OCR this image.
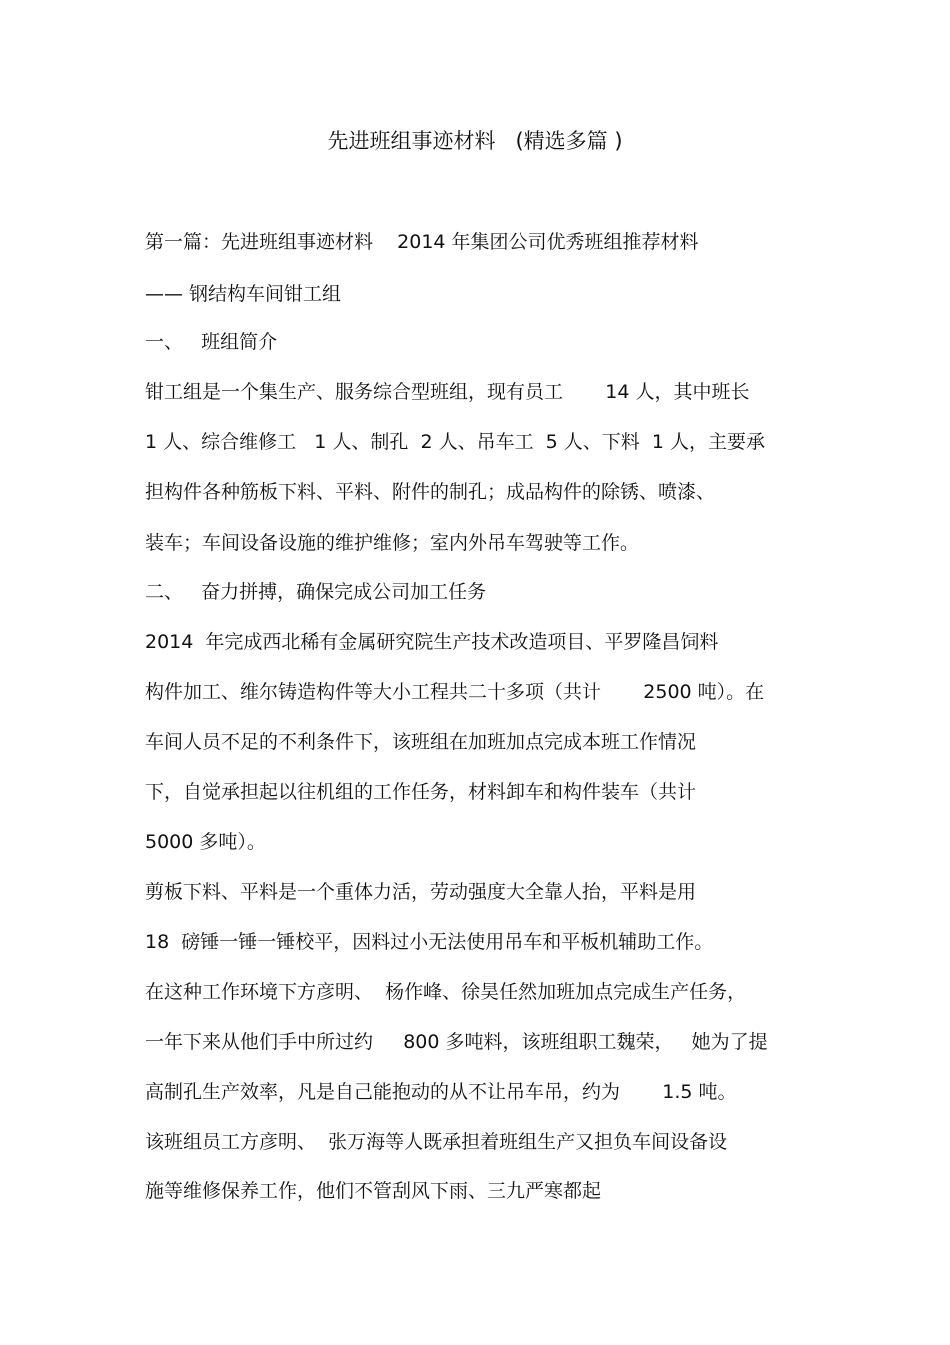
先进班组事迹材料   (精选多篇 )
第一篇：先进班组事迹材料    2014 年集团公司优秀班组推荐材料
—— 钢结构车间钳工组
一、   班组简介
钳工组是一个集生产、服务综合型班组，现有员工       14 人，其中班长
1 人、综合维修工   1 人、制孔  2 人、吊车工  5 人、下料  1 人，主要承
担构件各种筋板下料、平料、附件的制孔；成品构件的除锈、喷漆、
装车；车间设备设施的维护维修；室内外吊车驾驶等工作。
二、   奋力拼搏，确保完成公司加工任务
2014  年完成西北稀有金属研究院生产技术改造项目、平罗隆昌饲料
构件加工、维尔铸造构件等大小工程共二十多项（共计       2500 吨）。在
车间人员不足的不利条件下，该班组在加班加点完成本班工作情况
下，自觉承担起以往机组的工作任务，材料卸车和构件装车（共计
5000 多吨）。
剪板下料、平料是一个重体力活，劳动强度大全靠人抬，平料是用
18  磅锤一锤一锤校平，因料过小无法使用吊车和平板机辅助工作。
在这种工作环境下方彦明、  杨作峰、徐昊任然加班加点完成生产任务，
一年下来从他们手中所过约     800 多吨料，该班组职工魏荣，   她为了提
高制孔生产效率，凡是自己能抱动的从不让吊车吊，约为       1.5 吨。
该班组员工方彦明、  张万海等人既承担着班组生产又担负车间设备设
施等维修保养工作，他们不管刮风下雨、三九严寒都起
